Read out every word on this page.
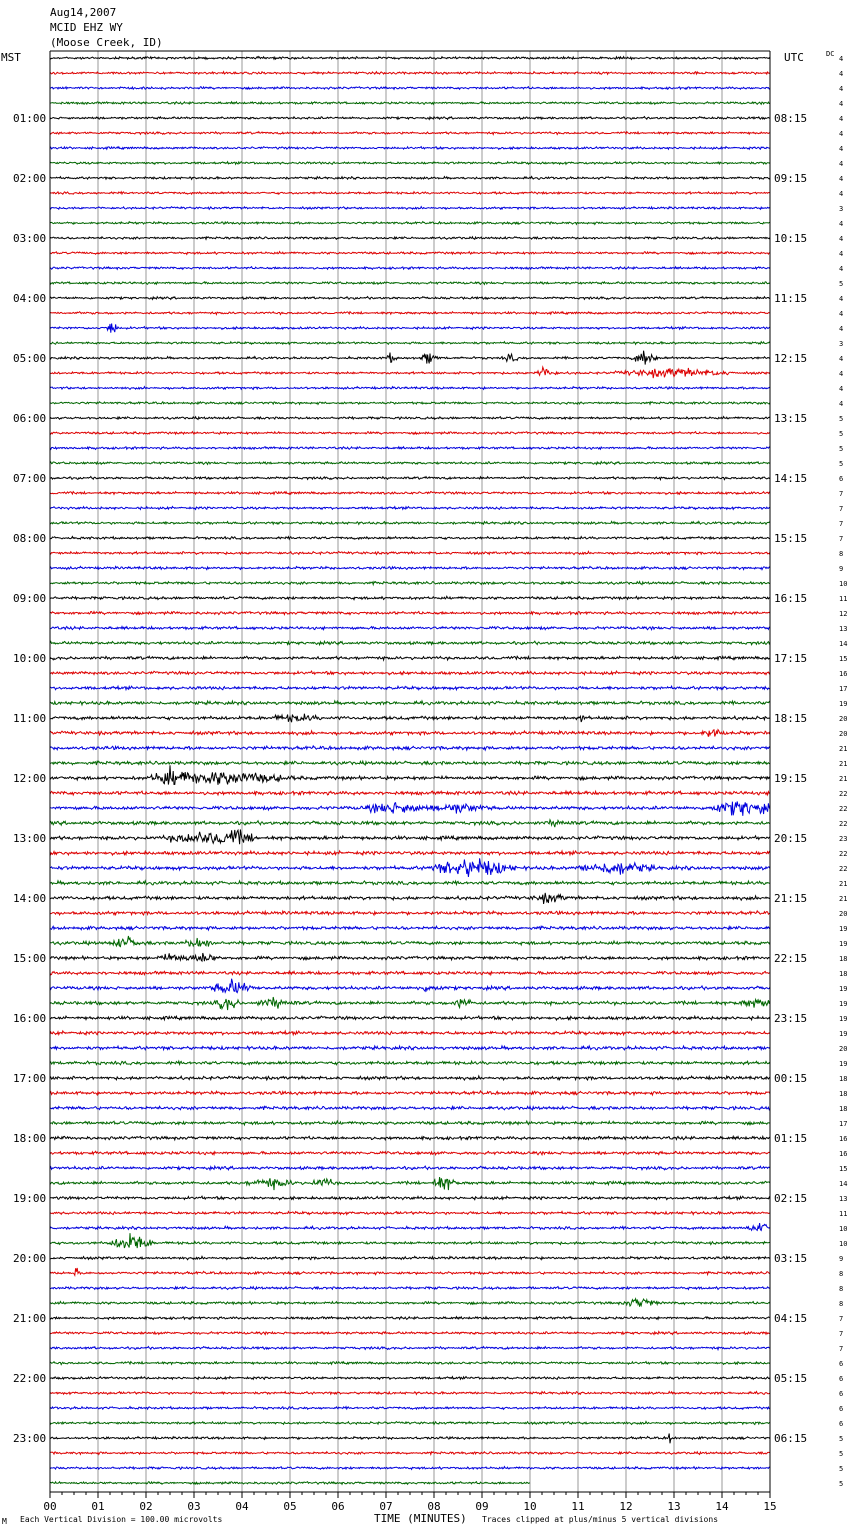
Aug14,2007
MCID EHZ WY
(Moose Creek, ID)
MST	UTC	DC
01:00
02:00
03:00
04:00
05:00
06:00
07:00
08:00
09:00
10:00
11:00
12:00
13:00
14:00
15:00
16:00
17:00
18:00
19:00
20:00
21:00
22:00
23:00
08:15
09:15
10:15
11:15
12:15
13:15
14:15
15:15
16:15
17:15
18:15
19:15
20:15
21:15
22:15
23:15
00:15
01:15
02:15
03:15
04:15
05:15
06:15
4
4
4
4
4
4
4
4
4
4
3
4
4
4
4
5
4
4
4
3
4
4
4
4
5
5
5
5
6
7
7
7
7
8
9
10
11
12
13
14
15
16
17
19
20
20
21
21
21
22
22
22
23
22
22
21
21
20
19
19
18
18
19
19
19
19
20
19
18
18
18
17
16
16
15
14
13
11
10
10
9
8
8
8
7
7
7
6
6
6
6
6
5
5
5
5
00	01	02	03	04	05	06	07	08	09	10	11	12	13	14	15
M Each Vertical Division = 100.00 microvolts	TIME (MINUTES) Traces clipped at plus/minus 5 vertical divisions
